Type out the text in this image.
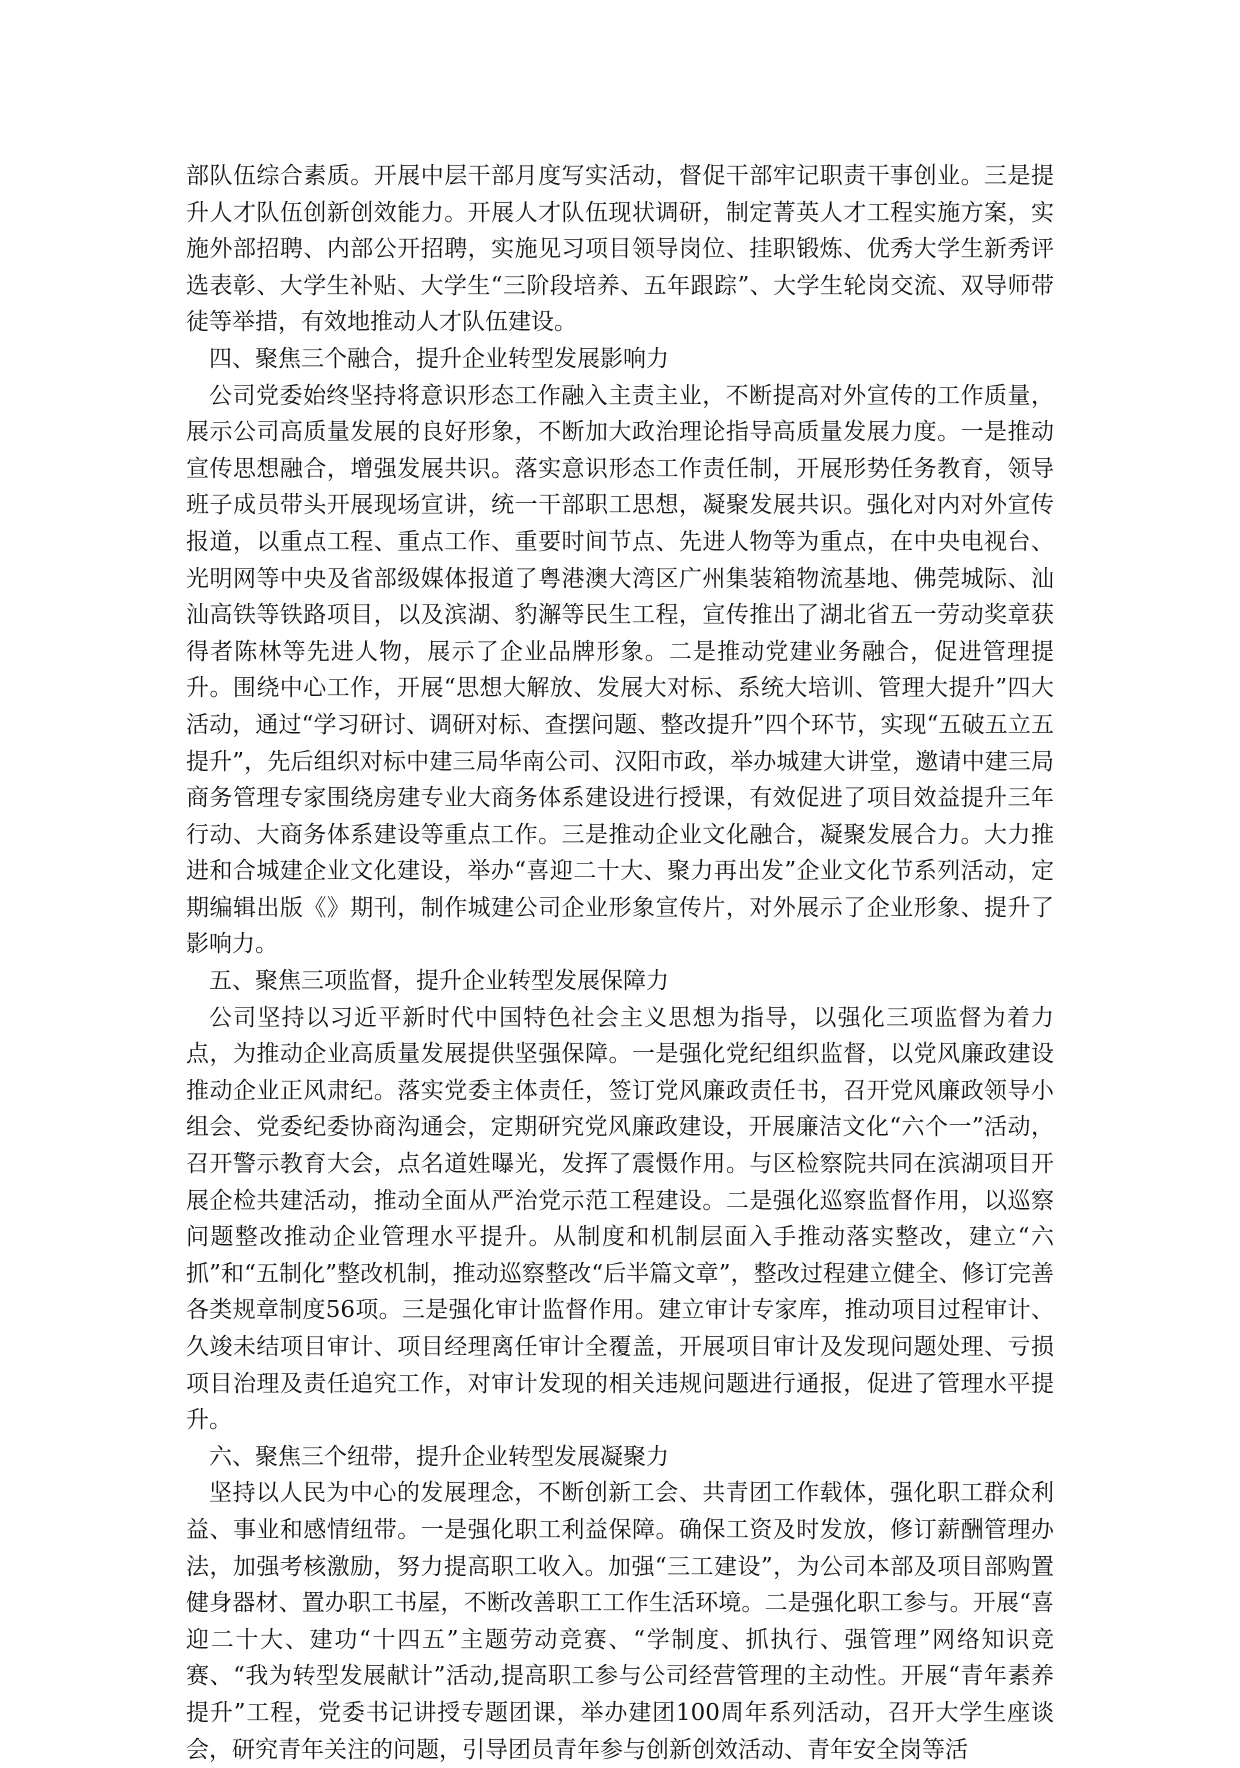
部队伍综合素质。开展中层干部月度写实活动，督促干部牢记职责干事创业。三是提升人才队伍创新创效能力。开展人才队伍现状调研，制定菁英人才工程实施方案，实施外部招聘、内部公开招聘，实施见习项目领导岗位、挂职锻炼、优秀大学生新秀评选表彰、大学生补贴、大学生“三阶段培养、五年跟踪”、大学生轮岗交流、双导师带徒等举措，有效地推动人才队伍建设。

四、聚焦三个融合，提升企业转型发展影响力

公司党委始终坚持将意识形态工作融入主责主业，不断提高对外宣传的工作质量，展示公司高质量发展的良好形象，不断加大政治理论指导高质量发展力度。一是推动宣传思想融合，增强发展共识。落实意识形态工作责任制，开展形势任务教育，领导班子成员带头开展现场宣讲，统一干部职工思想，凝聚发展共识。强化对内对外宣传报道，以重点工程、重点工作、重要时间节点、先进人物等为重点，在中央电视台、光明网等中央及省部级媒体报道了粤港澳大湾区广州集装箱物流基地、佛莞城际、汕汕高铁等铁路项目，以及滨湖、豹澥等民生工程，宣传推出了湖北省五一劳动奖章获得者陈林等先进人物，展示了企业品牌形象。二是推动党建业务融合，促进管理提升。围绕中心工作，开展“思想大解放、发展大对标、系统大培训、管理大提升”四大活动，通过“学习研讨、调研对标、查摆问题、整改提升”四个环节，实现“五破五立五提升”，先后组织对标中建三局华南公司、汉阳市政，举办城建大讲堂，邀请中建三局商务管理专家围绕房建专业大商务体系建设进行授课，有效促进了项目效益提升三年行动、大商务体系建设等重点工作。三是推动企业文化融合，凝聚发展合力。大力推进和合城建企业文化建设，举办“喜迎二十大、聚力再出发”企业文化节系列活动，定期编辑出版《》期刊，制作城建公司企业形象宣传片，对外展示了企业形象、提升了影响力。

五、聚焦三项监督，提升企业转型发展保障力

公司坚持以习近平新时代中国特色社会主义思想为指导，以强化三项监督为着力点，为推动企业高质量发展提供坚强保障。一是强化党纪组织监督，以党风廉政建设推动企业正风肃纪。落实党委主体责任，签订党风廉政责任书，召开党风廉政领导小组会、党委纪委协商沟通会，定期研究党风廉政建设，开展廉洁文化“六个一”活动，召开警示教育大会，点名道姓曝光，发挥了震慑作用。与区检察院共同在滨湖项目开展企检共建活动，推动全面从严治党示范工程建设。二是强化巡察监督作用，以巡察问题整改推动企业管理水平提升。从制度和机制层面入手推动落实整改，建立“六抓”和“五制化”整改机制，推动巡察整改“后半篇文章”，整改过程建立健全、修订完善各类规章制度56项。三是强化审计监督作用。建立审计专家库，推动项目过程审计、久竣未结项目审计、项目经理离任审计全覆盖，开展项目审计及发现问题处理、亏损项目治理及责任追究工作，对审计发现的相关违规问题进行通报，促进了管理水平提升。

六、聚焦三个纽带，提升企业转型发展凝聚力

坚持以人民为中心的发展理念，不断创新工会、共青团工作载体，强化职工群众利益、事业和感情纽带。一是强化职工利益保障。确保工资及时发放，修订薪酬管理办法，加强考核激励，努力提高职工收入。加强“三工建设”，为公司本部及项目部购置健身器材、置办职工书屋，不断改善职工工作生活环境。二是强化职工参与。开展“喜迎二十大、建功“十四五”主题劳动竞赛、“学制度、抓执行、强管理”网络知识竞赛、“我为转型发展献计”活动,提高职工参与公司经营管理的主动性。开展“青年素养提升”工程，党委书记讲授专题团课，举办建团100周年系列活动，召开大学生座谈会，研究青年关注的问题，引导团员青年参与创新创效活动、青年安全岗等活
